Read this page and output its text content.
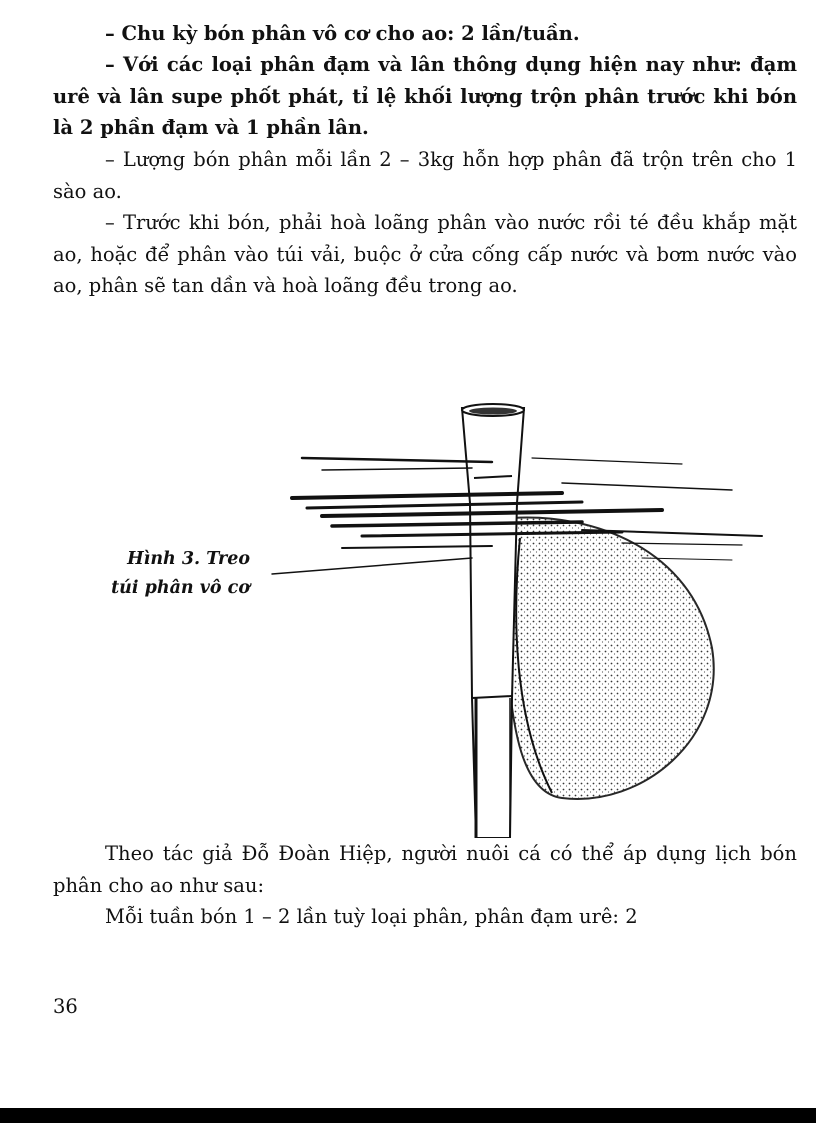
– Chu kỳ bón phân vô cơ cho ao: 2 lần/tuần.

– Với các loại phân đạm và lân thông dụng hiện nay như: đạm urê và lân supe phốt phát, tỉ lệ khối lượng trộn phân trước khi bón là 2 phần đạm và 1 phần lân.

– Lượng bón phân mỗi lần 2 – 3kg hỗn hợp phân đã trộn trên cho 1 sào ao.

– Trước khi bón, phải hoà loãng phân vào nước rồi té đều khắp mặt ao, hoặc để phân vào túi vải, buộc ở cửa cống cấp nước và bơm nước vào ao, phân sẽ tan dần và hoà loãng đều trong ao.

Hình 3. Treo
túi phân vô cơ

Theo tác giả Đỗ Đoàn Hiệp, người nuôi cá có thể áp dụng lịch bón phân cho ao như sau:

Mỗi tuần bón 1 – 2 lần tuỳ loại phân, phân đạm urê: 2

36
